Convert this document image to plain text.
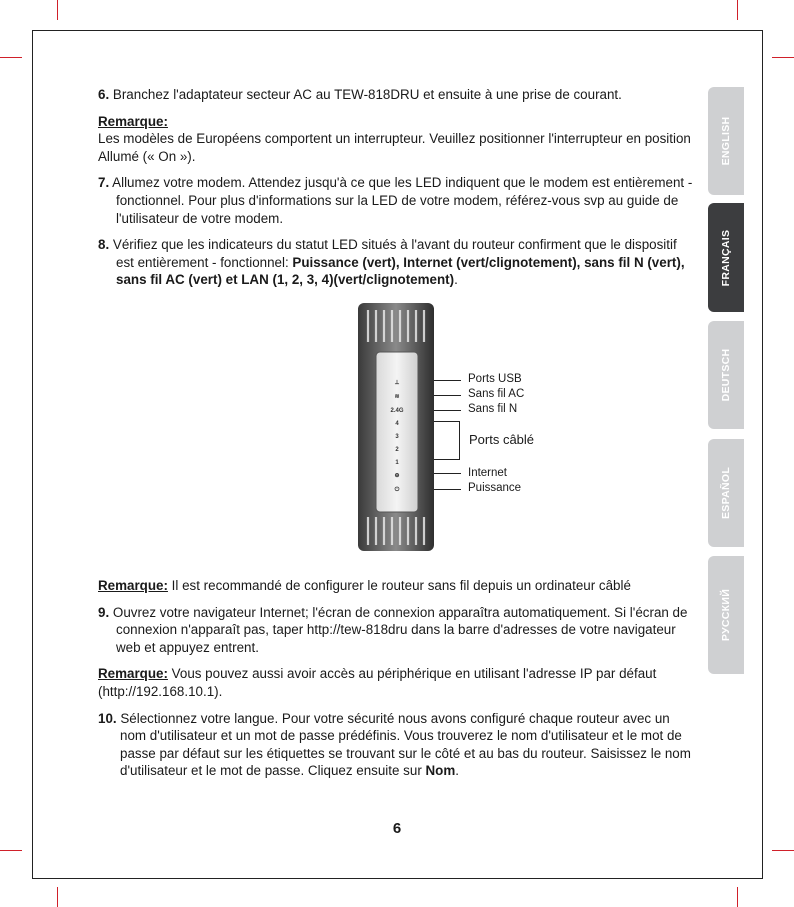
ENGLISH
FRANÇAIS
DEUTSCH
ESPAÑOL
РУССКИЙ

6. Branchez l'adaptateur secteur AC au TEW-818DRU et ensuite à une prise de courant.

Remarque:
Les modèles de Européens comportent un interrupteur. Veuillez positionner l'interrupteur en position Allumé (« On »).

7. Allumez votre modem. Attendez jusqu'à ce que les LED indiquent que le modem est entièrement - fonctionnel. Pour plus d'informations sur la LED de votre modem, référez-vous svp au guide de l'utilisateur de votre modem.

8. Vérifiez que les indicateurs du statut LED situés à l'avant du routeur confirment que le dispositif est entièrement - fonctionnel: Puissance (vert), Internet (vert/clignotement), sans fil N (vert), sans fil AC (vert) et LAN (1, 2, 3, 4)(vert/clignotement).

Remarque: Il est recommandé de configurer le routeur sans fil depuis un ordinateur câblé

9. Ouvrez votre navigateur Internet; l'écran de connexion apparaîtra automatiquement. Si l'écran de connexion n'apparaît pas, taper http://tew-818dru dans la barre d'adresses de votre navigateur web et appuyez entrent.

Remarque: Vous pouvez aussi avoir accès au périphérique en utilisant l'adresse IP par défaut (http://192.168.10.1).

10. Sélectionnez votre langue. Pour votre sécurité nous avons configuré chaque routeur avec un nom d'utilisateur et un mot de passe prédéfinis. Vous trouverez le nom d'utilisateur et le mot de passe par défaut sur les étiquettes se trouvant sur le côté et au bas du routeur. Saisissez le nom d'utilisateur et le mot de passe. Cliquez ensuite sur Nom.

⟂
≋
2.4G
4
3
2
1
⊕
⏻
Ports USB
Sans fil AC
Sans fil N
Ports câblé
Internet
Puissance
6
